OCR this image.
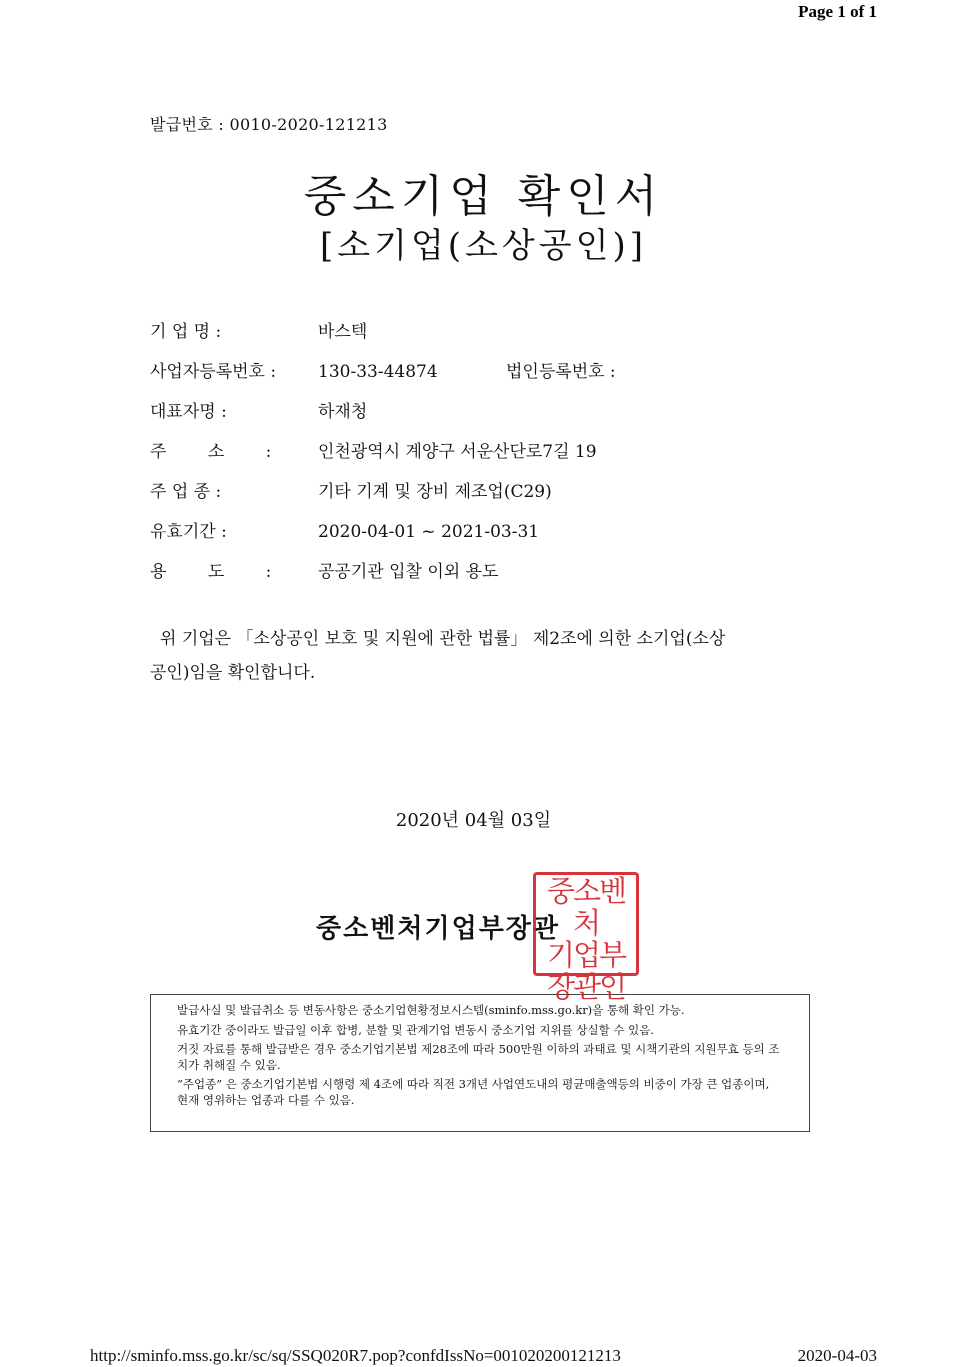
Page 1 of 1
발급번호 : 0010-2020-121213
중소기업 확인서
[소기업(소상공인)]
기 업 명 :	바스텍
사업자등록번호 :	130-33-44874	법인등록번호 :
대표자명 :	하재청
주 소 :	인천광역시 계양구 서운산단로7길 19
주 업 종 :	기타 기계 및 장비 제조업(C29)
유효기간 :	2020-04-01 ~ 2021-03-31
용 도 :	공공기관 입찰 이외 용도

위 기업은 「소상공인 보호 및 지원에 관한 법률」 제2조에 의한 소기업(소상

공인)임을 확인합니다.

2020년 04월 03일
중소벤처기업부장관
중소벤처
기업부
장관인

발급사실 및 발급취소 등 변동사항은 중소기업현황정보시스템(sminfo.mss.go.kr)을 통해 확인 가능.

유효기간 중이라도 발급일 이후 합병, 분할 및 관계기업 변동시 중소기업 지위를 상실할 수 있음.

거짓 자료를 통해 발급받은 경우 중소기업기본법 제28조에 따라 500만원 이하의 과태료 및 시책기관의 지원무효 등의 조치가 취해질 수 있음.

“주업종” 은 중소기업기본법 시행령 제 4조에 따라 직전 3개년 사업연도내의 평균매출액등의 비중이 가장 큰 업종이며, 현재 영위하는 업종과 다를 수 있음.

http://sminfo.mss.go.kr/sc/sq/SSQ020R7.pop?confdIssNo=001020200121213	2020-04-03
